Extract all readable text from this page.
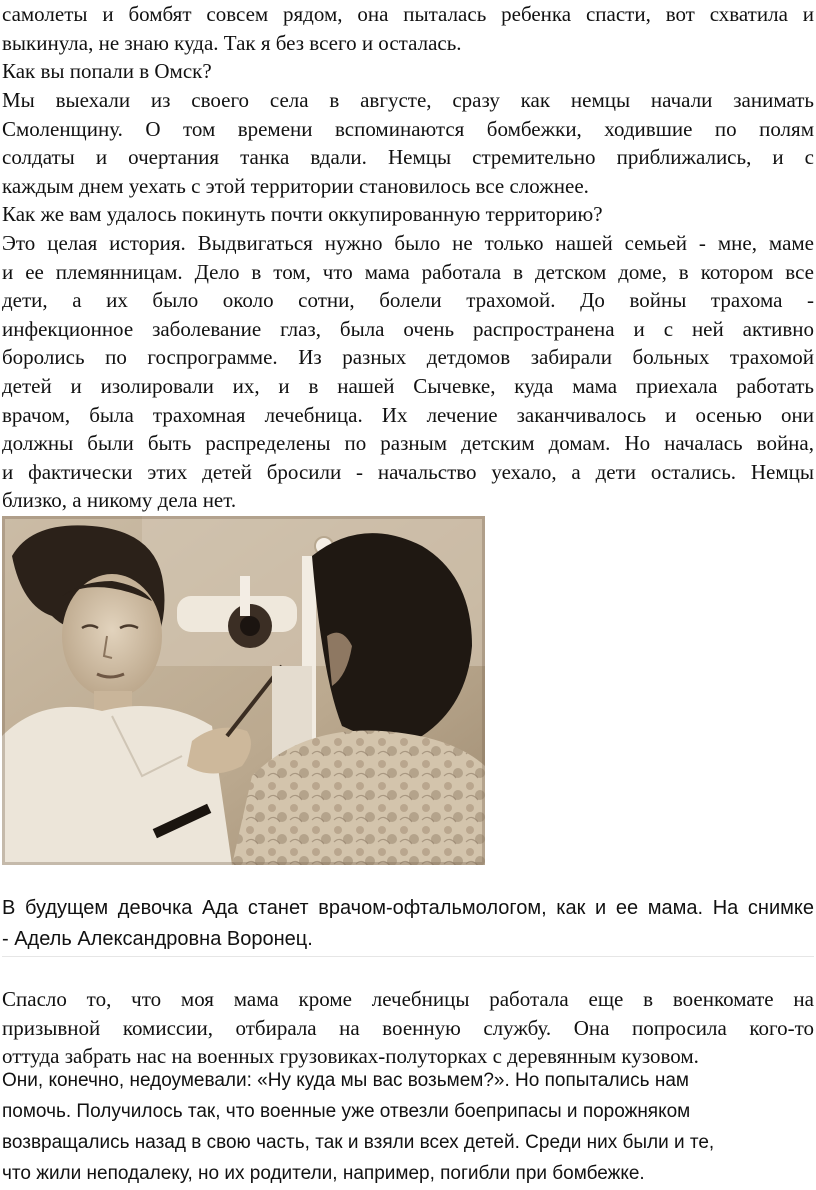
самолеты и бомбят совсем рядом, она пыталась ребенка спасти, вот схватила и
выкинула, не знаю куда. Так я без всего и осталась.
Как вы попали в Омск?
Мы выехали из своего села в августе, сразу как немцы начали занимать
Смоленщину. О том времени вспоминаются бомбежки, ходившие по полям
солдаты и очертания танка вдали. Немцы стремительно приближались, и с
каждым днем уехать с этой территории становилось все сложнее.
Как же вам удалось покинуть почти оккупированную территорию?
Это целая история. Выдвигаться нужно было не только нашей семьей - мне, маме
и ее племянницам. Дело в том, что мама работала в детском доме, в котором все
дети, а их было около сотни, болели трахомой. До войны трахома -
инфекционное заболевание глаз, была очень распространена и с ней активно
боролись по госпрограмме. Из разных детдомов забирали больных трахомой
детей и изолировали их, и в нашей Сычевке, куда мама приехала работать
врачом, была трахомная лечебница. Их лечение заканчивалось и осенью они
должны были быть распределены по разным детским домам. Но началась война,
и фактически этих детей бросили - начальство уехало, а дети остались. Немцы
близко, а никому дела нет.
В будущем девочка Ада станет врачом-офтальмологом, как и ее мама. На снимке
- Адель Александровна Воронец.
Спасло то, что моя мама кроме лечебницы работала еще в военкомате на
призывной комиссии, отбирала на военную службу. Она попросила кого-то
оттуда забрать нас на военных грузовиках-полуторках с деревянным кузовом.
Они, конечно, недоумевали: «Ну куда мы вас возьмем?». Но попытались нам
помочь. Получилось так, что военные уже отвезли боеприпасы и порожняком
возвращались назад в свою часть, так и взяли всех детей. Среди них были и те,
что жили неподалеку, но их родители, например, погибли при бомбежке.
